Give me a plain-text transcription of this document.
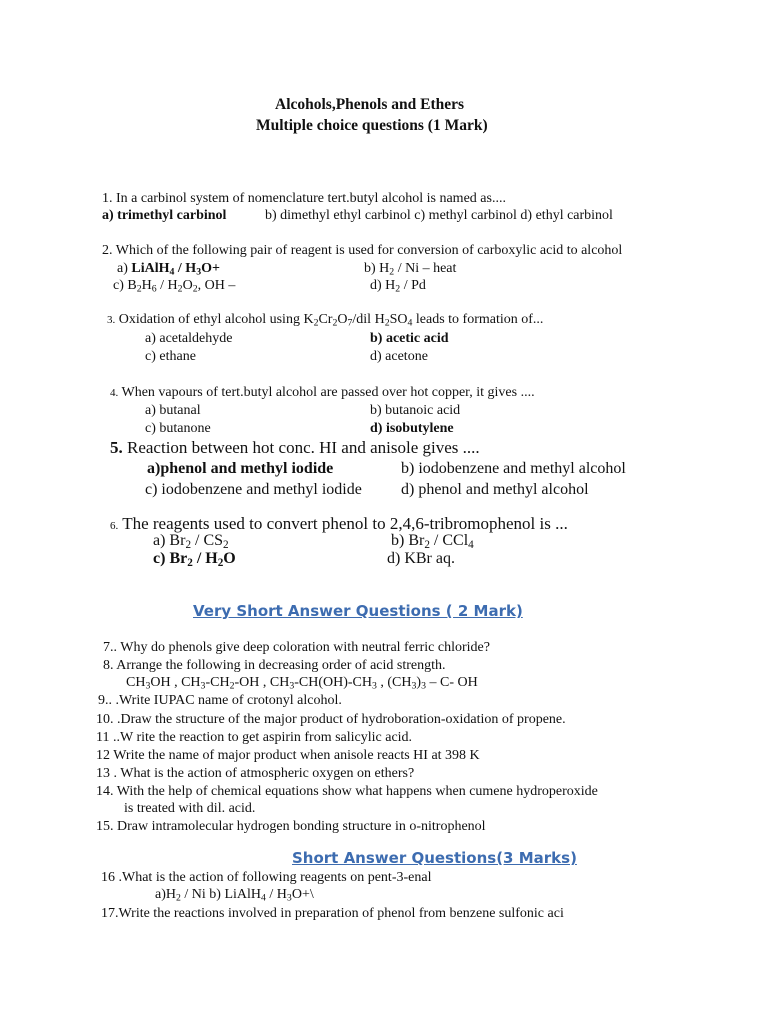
Alcohols,Phenols and Ethers
Multiple choice questions (1 Mark)
1. In a carbinol system of nomenclature tert.butyl alcohol is named as....
a) trimethyl carbinol	b) dimethyl ethyl carbinol c) methyl carbinol d) ethyl carbinol
2. Which of the following pair of reagent is used for conversion of carboxylic acid to alcohol
a) LiAlH$_4$ / $H_3O+$	b) $H_2$ / Ni – heat
c) $B_2H_6 / H_2O_2$, OH –	d) $H_2$ / Pd
3. Oxidation of ethyl alcohol using $K_2Cr_2O_7$/dil $H_2SO_4$ leads to formation of...
a) acetaldehyde	b) acetic acid
c) ethane	d) acetone
4. When vapours of tert.butyl alcohol are passed over hot copper, it gives ....
a) butanal	b) butanoic acid
c) butanone	d) isobutylene
5. Reaction between hot conc. HI and anisole gives ....
a)phenol and methyl iodide	b) iodobenzene and methyl alcohol
c) iodobenzene and methyl iodide d) phenol and methyl alcohol
6. The reagents used to convert phenol to 2,4,6-tribromophenol is ...
a) $Br_2 / CS_2$	b) $Br_2 / CCl_4$
c) $Br_2 / H_2O$	d) KBr aq.
Very Short Answer Questions ( 2 Mark)
7.. Why do phenols give deep coloration with neutral ferric chloride?
8. Arrange the following in decreasing order of acid strength.
$CH_3OH$ , $CH_3-CH_2-OH$ , $CH_3-CH(OH)-CH_3$ , $(CH_3)_3 - C-$ OH
9.. .Write IUPAC name of crotonyl alcohol.
10. .Draw the structure of the major product of hydroboration-oxidation of propene.
11 ..W rite the reaction to get aspirin from salicylic acid.
12 Write the name of major product when anisole reacts HI at 398 K
13 . What is the action of atmospheric oxygen on ethers?
14. With the help of chemical equations show what happens when cumene hydroperoxide
is treated with dil. acid.
15. Draw intramolecular hydrogen bonding structure in o-nitrophenol
Short Answer Questions(3 Marks)
16 .What is the action of following reagents on pent-3-enal
$a)H_2$ / Ni b) LiAlH$_4$ / $H_3O+\backslash$
17.Write the reactions involved in preparation of phenol from benzene sulfonic aci
